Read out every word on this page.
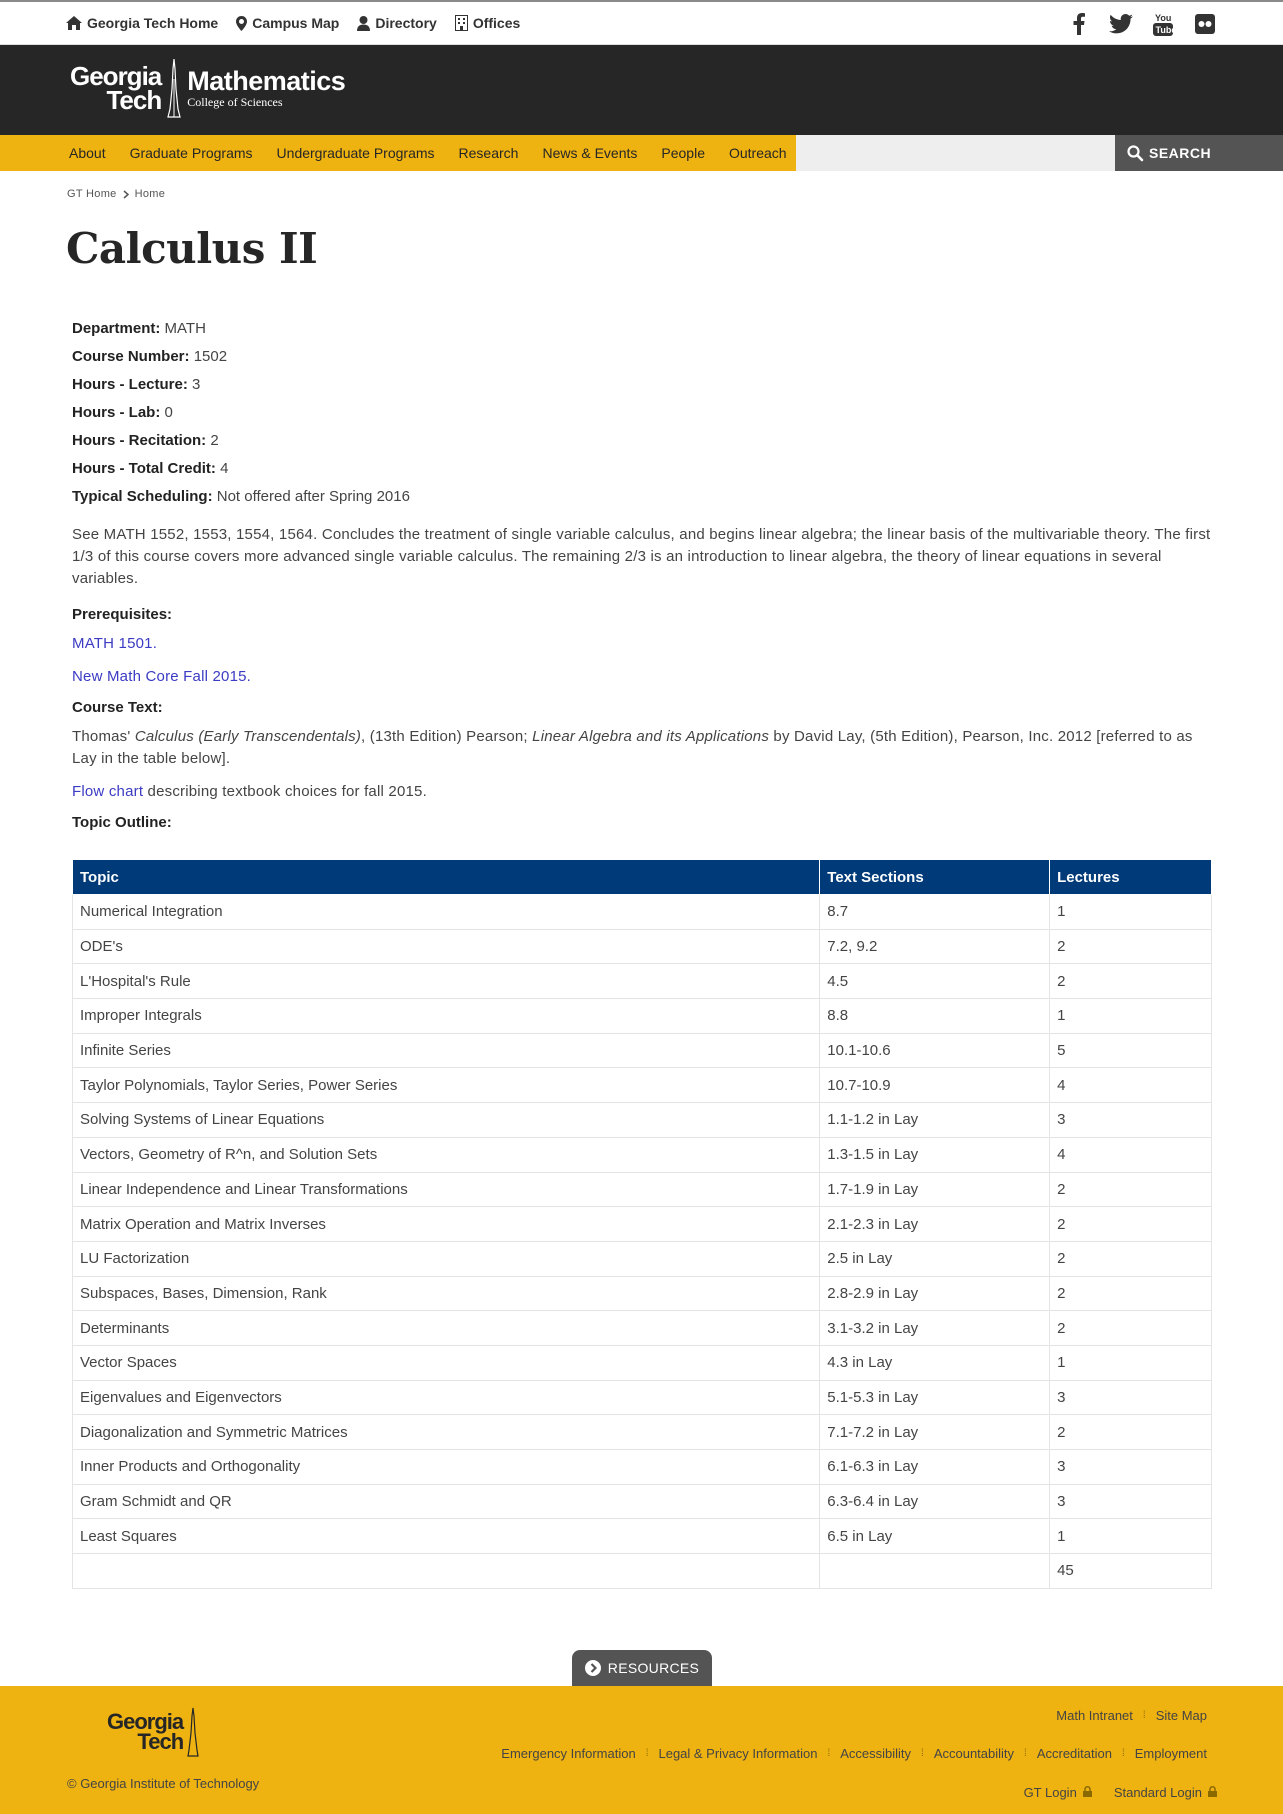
Georgia Tech Home Campus Map	Directory	Offices	You
Tube
Georgia
Tech
Mathematics
College of Sciences
About	Graduate Programs	Undergraduate Programs	Research	News & Events	People	Outreach	SEARCH
GT Home Home
Calculus II
Department: MATH
Course Number: 1502
Hours - Lecture: 3
Hours - Lab: 0
Hours - Recitation: 2
Hours - Total Credit: 4
Typical Scheduling: Not offered after Spring 2016

See MATH 1552, 1553, 1554, 1564. Concludes the treatment of single variable calculus, and begins linear algebra; the linear basis of the multivariable theory. The first 1/3 of this course covers more advanced single variable calculus. The remaining 2/3 is an introduction to linear algebra, the theory of linear equations in several variables.

Prerequisites:

MATH 1501.

New Math Core Fall 2015.

Course Text:

Thomas' Calculus (Early Transcendentals), (13th Edition) Pearson; Linear Algebra and its Applications by David Lay, (5th Edition), Pearson, Inc. 2012 [referred to as Lay in the table below].

Flow chart describing textbook choices for fall 2015.

Topic Outline:
Topic	Text Sections	Lectures
Numerical Integration	8.7	1
ODE's	7.2, 9.2	2
L'Hospital's Rule	4.5	2
Improper Integrals	8.8	1
Infinite Series	10.1-10.6	5
Taylor Polynomials, Taylor Series, Power Series	10.7-10.9	4
Solving Systems of Linear Equations	1.1-1.2 in Lay	3
Vectors, Geometry of R^n, and Solution Sets	1.3-1.5 in Lay	4
Linear Independence and Linear Transformations	1.7-1.9 in Lay	2
Matrix Operation and Matrix Inverses	2.1-2.3 in Lay	2
LU Factorization	2.5 in Lay	2
Subspaces, Bases, Dimension, Rank	2.8-2.9 in Lay	2
Determinants	3.1-3.2 in Lay	2
Vector Spaces	4.3 in Lay	1
Eigenvalues and Eigenvectors	5.1-5.3 in Lay	3
Diagonalization and Symmetric Matrices	7.1-7.2 in Lay	2
Inner Products and Orthogonality	6.1-6.3 in Lay	3
Gram Schmidt and QR	6.3-6.4 in Lay	3
Least Squares	6.5 in Lay	1
		45
RESOURCES
Georgia
Tech
© Georgia Institute of Technology
Math Intranet ⁞ Site Map
Emergency Information ⁞ Legal & Privacy Information ⁞ Accessibility ⁞ Accountability ⁞ Accreditation ⁞ Employment
GT Login	Standard Login
